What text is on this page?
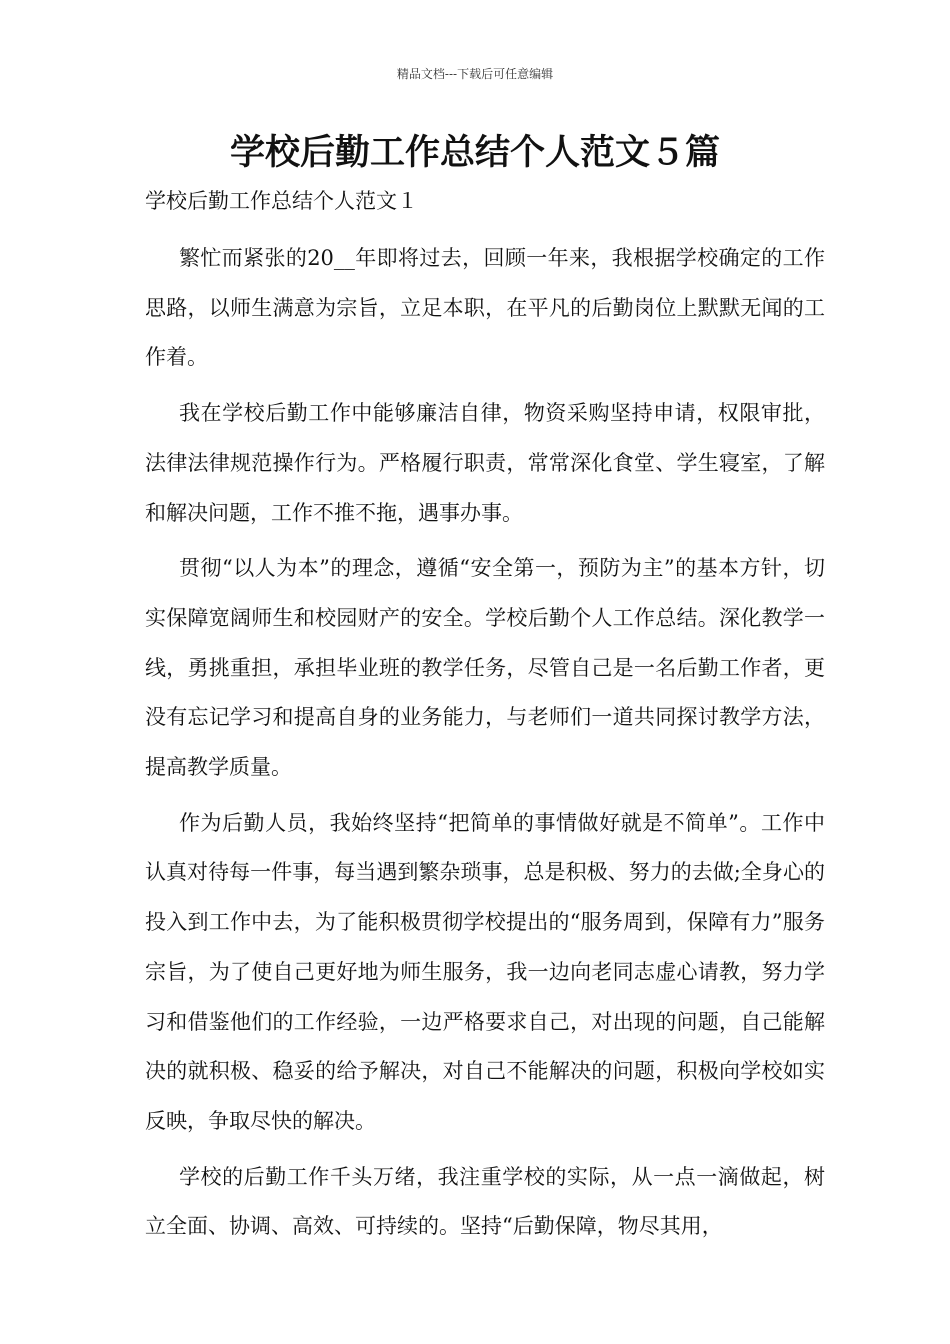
精品文档---下载后可任意编辑
学校后勤工作总结个人范文５篇
学校后勤工作总结个人范文１

繁忙而紧张的20__年即将过去，回顾一年来，我根据学校确定的工作思路，以师生满意为宗旨，立足本职，在平凡的后勤岗位上默默无闻的工作着。

我在学校后勤工作中能够廉洁自律，物资采购坚持申请，权限审批，法律法律规范操作行为。严格履行职责，常常深化食堂、学生寝室，了解和解决问题，工作不推不拖，遇事办事。

贯彻“以人为本”的理念，遵循“安全第一，预防为主”的基本方针，切实保障宽阔师生和校园财产的安全。学校后勤个人工作总结。深化教学一线，勇挑重担，承担毕业班的教学任务，尽管自己是一名后勤工作者，更没有忘记学习和提高自身的业务能力，与老师们一道共同探讨教学方法，提高教学质量。

作为后勤人员，我始终坚持“把简单的事情做好就是不简单”。工作中认真对待每一件事，每当遇到繁杂琐事，总是积极、努力的去做;全身心的投入到工作中去，为了能积极贯彻学校提出的“服务周到，保障有力”服务宗旨，为了使自己更好地为师生服务，我一边向老同志虚心请教，努力学习和借鉴他们的工作经验，一边严格要求自己，对出现的问题，自己能解决的就积极、稳妥的给予解决，对自己不能解决的问题，积极向学校如实反映，争取尽快的解决。

学校的后勤工作千头万绪，我注重学校的实际，从一点一滴做起，树立全面、协调、高效、可持续的。坚持“后勤保障，物尽其用，
